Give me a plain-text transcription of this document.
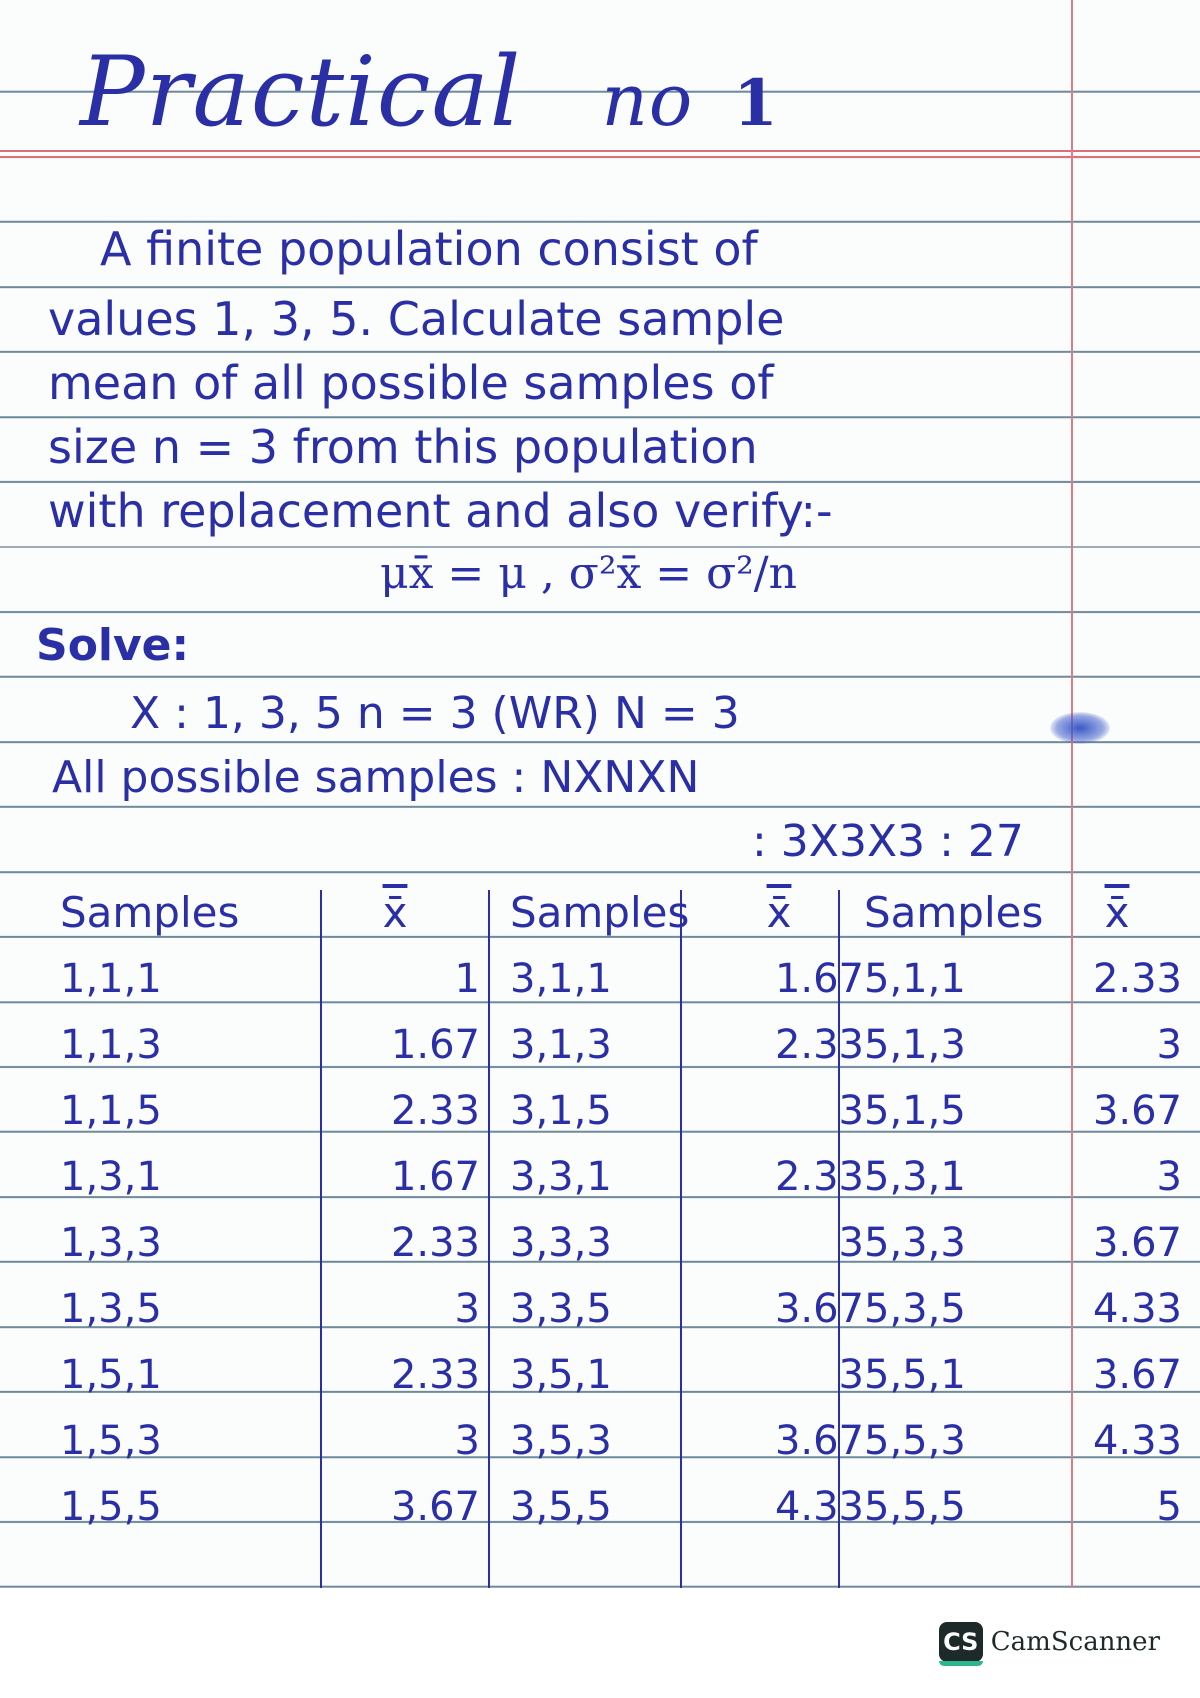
Practical no 1
A finite population consist of
values 1, 3, 5. Calculate sample
mean of all possible samples of
size n = 3 from this population
with replacement and also verify:-
μx̄ = μ , σ²x̄ = σ²/n
Solve:
X : 1, 3, 5 n = 3 (WR) N = 3
All possible samples : NXNXN
: 3X3X3 : 27
Samples	x̄	Samples	x̄	Samples	x̄
1,1,1	1 3,1,1	1.67 5,1,1	2.33
1,1,3	1.67 3,1,3	2.33 5,1,3	3
1,1,5	2.33 3,1,5	3 5,1,5	3.67
1,3,1	1.67 3,3,1	2.33 5,3,1	3
1,3,3	2.33 3,3,3	3 5,3,3	3.67
1,3,5	3 3,3,5	3.67 5,3,5	4.33
1,5,1	2.33 3,5,1	3 5,5,1	3.67
1,5,3	3 3,5,3	3.67 5,5,3	4.33
1,5,5	3.67 3,5,5	4.33 5,5,5	5
CS CamScanner
